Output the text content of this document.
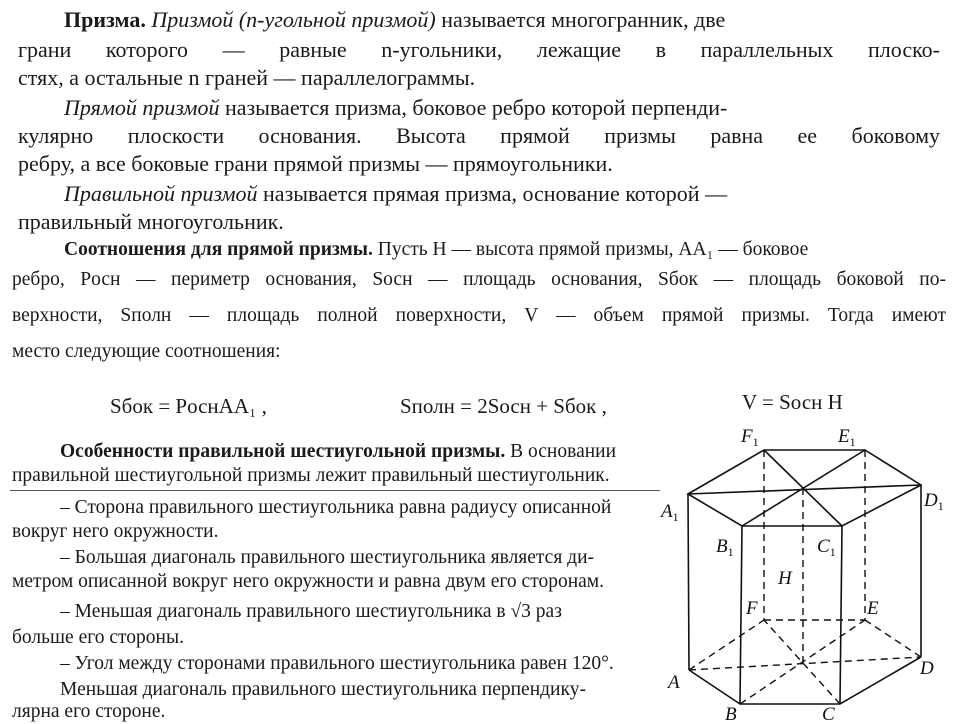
Призма. Призмой (n-угольной призмой) называется многогранник, две
грани которого — равные n-угольники, лежащие в параллельных плоско-
стях, а остальные n граней — параллелограммы.
Прямой призмой называется призма, боковое ребро которой перпенди-
кулярно плоскости основания. Высота прямой призмы равна ее боковому
ребру, а все боковые грани прямой призмы — прямоугольники.
Правильной призмой называется прямая призма, основание которой —
правильный многоугольник.
Соотношения для прямой призмы. Пусть H — высота прямой призмы, AA₁ — боковое
ребро, Pосн — периметр основания, Sосн — площадь основания, Sбок — площадь боковой по-
верхности, Sполн — площадь полной поверхности, V — объем прямой призмы. Тогда имеют
место следующие соотношения:
Sбок = PоснAA₁ ,	Sполн = 2Sосн + Sбок ,	V = Sосн H
Особенности правильной шестиугольной призмы. В основании
правильной шестиугольной призмы лежит правильный шестиугольник.
– Сторона правильного шестиугольника равна радиусу описанной
вокруг него окружности.
– Большая диагональ правильного шестиугольника является ди-
метром описанной вокруг него окружности и равна двум его сторонам.
– Меньшая диагональ правильного шестиугольника в √3 раз
больше его стороны.
– Угол между сторонами правильного шестиугольника равен 120°.
Меньшая диагональ правильного шестиугольника перпендику-
лярна его стороне.
$F_1$	$E_1$
$D_1$
$A_1$
$B_1$	$C_1$
H
F	E
D
A
B	C
